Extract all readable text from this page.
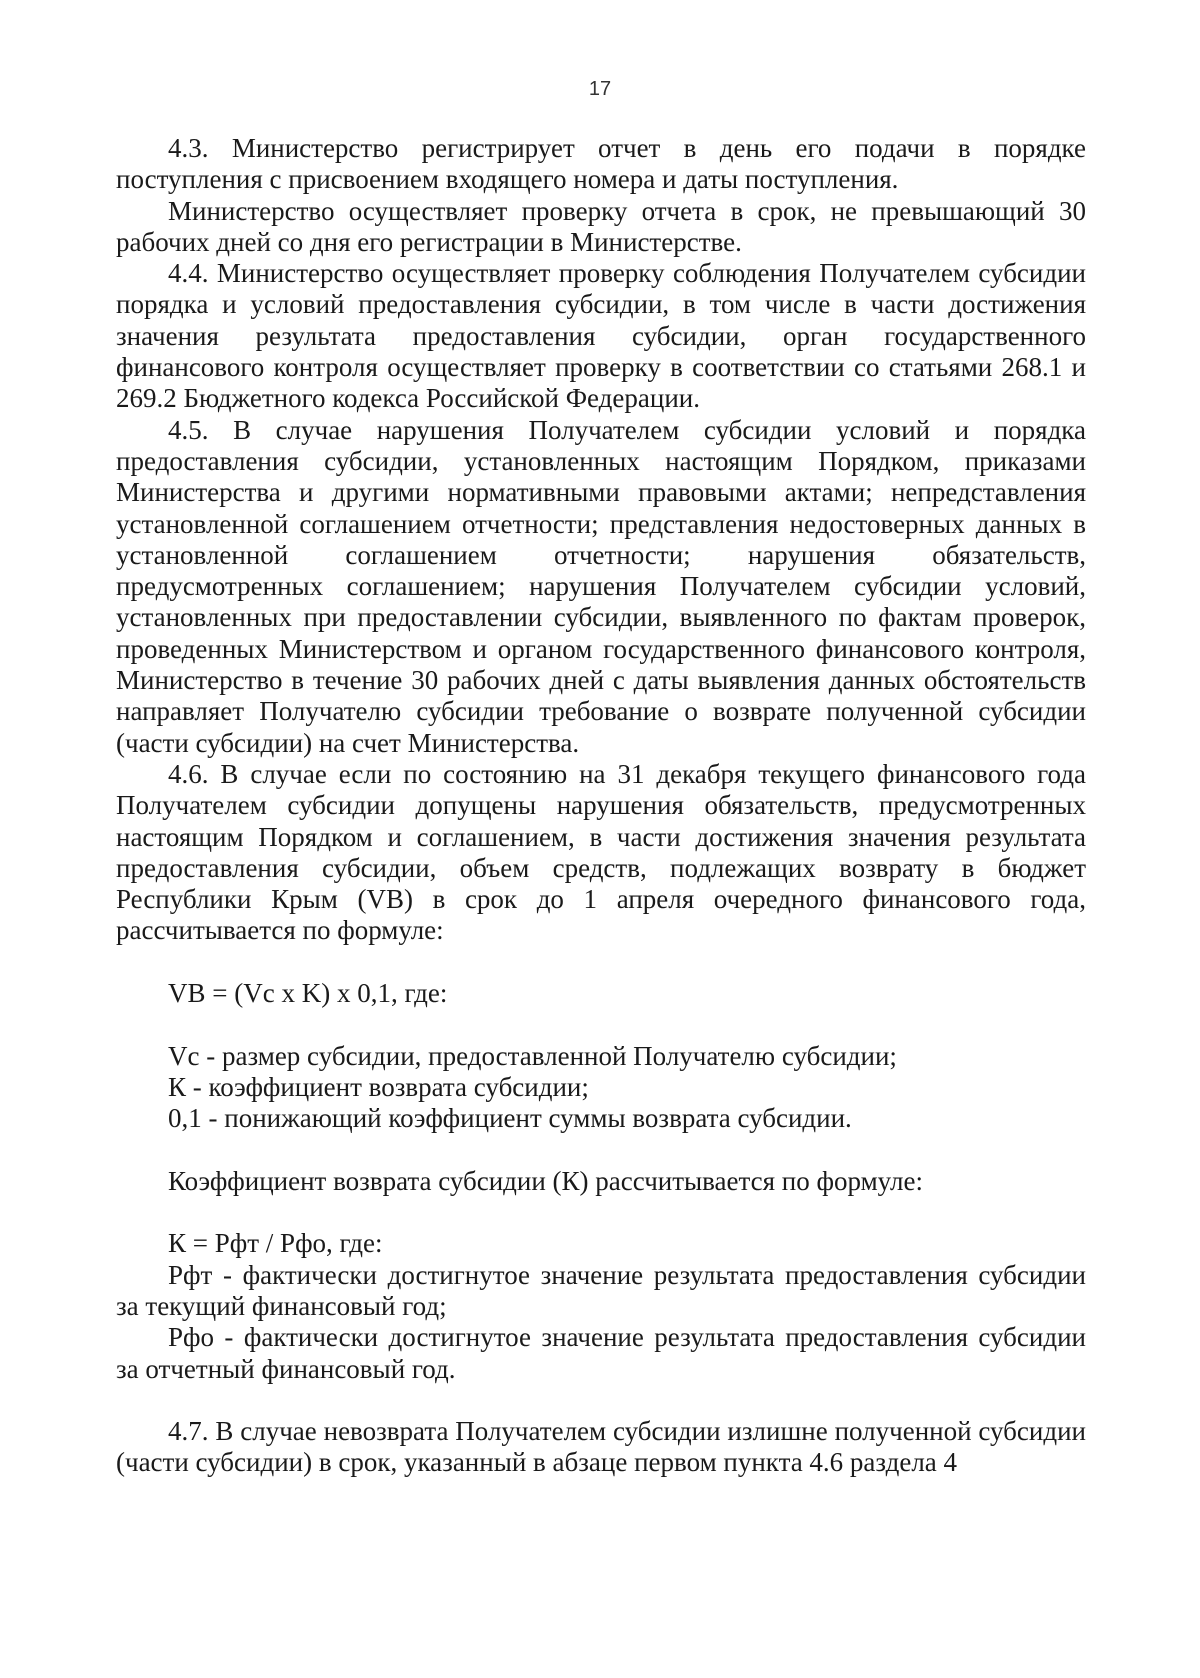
17

4.3. Министерство регистрирует отчет в день его подачи в порядке поступления с присвоением входящего номера и даты поступления.

Министерство осуществляет проверку отчета в срок, не превышающий 30 рабочих дней со дня его регистрации в Министерстве.

4.4. Министерство осуществляет проверку соблюдения Получателем субсидии порядка и условий предоставления субсидии, в том числе в части достижения значения результата предоставления субсидии, орган государственного финансового контроля осуществляет проверку в соответствии со статьями 268.1 и 269.2 Бюджетного кодекса Российской Федерации.

4.5. В случае нарушения Получателем субсидии условий и порядка предоставления субсидии, установленных настоящим Порядком, приказами Министерства и другими нормативными правовыми актами; непредставления установленной соглашением отчетности; представления недостоверных данных в установленной соглашением отчетности; нарушения обязательств, предусмотренных соглашением; нарушения Получателем субсидии условий, установленных при предоставлении субсидии, выявленного по фактам проверок, проведенных Министерством и органом государственного финансового контроля, Министерство в течение 30 рабочих дней с даты выявления данных обстоятельств направляет Получателю субсидии требование о возврате полученной субсидии (части субсидии) на счет Министерства.

4.6. В случае если по состоянию на 31 декабря текущего финансового года Получателем субсидии допущены нарушения обязательств, предусмотренных настоящим Порядком и соглашением, в части достижения значения результата предоставления субсидии, объем средств, подлежащих возврату в бюджет Республики Крым (VB) в срок до 1 апреля очередного финансового года, рассчитывается по формуле:

VB = (Vc x K) x 0,1, где:

Vc - размер субсидии, предоставленной Получателю субсидии;

К - коэффициент возврата субсидии;

0,1 - понижающий коэффициент суммы возврата субсидии.

Коэффициент возврата субсидии (К) рассчитывается по формуле:

К = Рфт / Рфо, где:

Рфт - фактически достигнутое значение результата предоставления субсидии за текущий финансовый год;

Рфо - фактически достигнутое значение результата предоставления субсидии за отчетный финансовый год.

4.7. В случае невозврата Получателем субсидии излишне полученной субсидии (части субсидии) в срок, указанный в абзаце первом пункта 4.6 раздела 4
